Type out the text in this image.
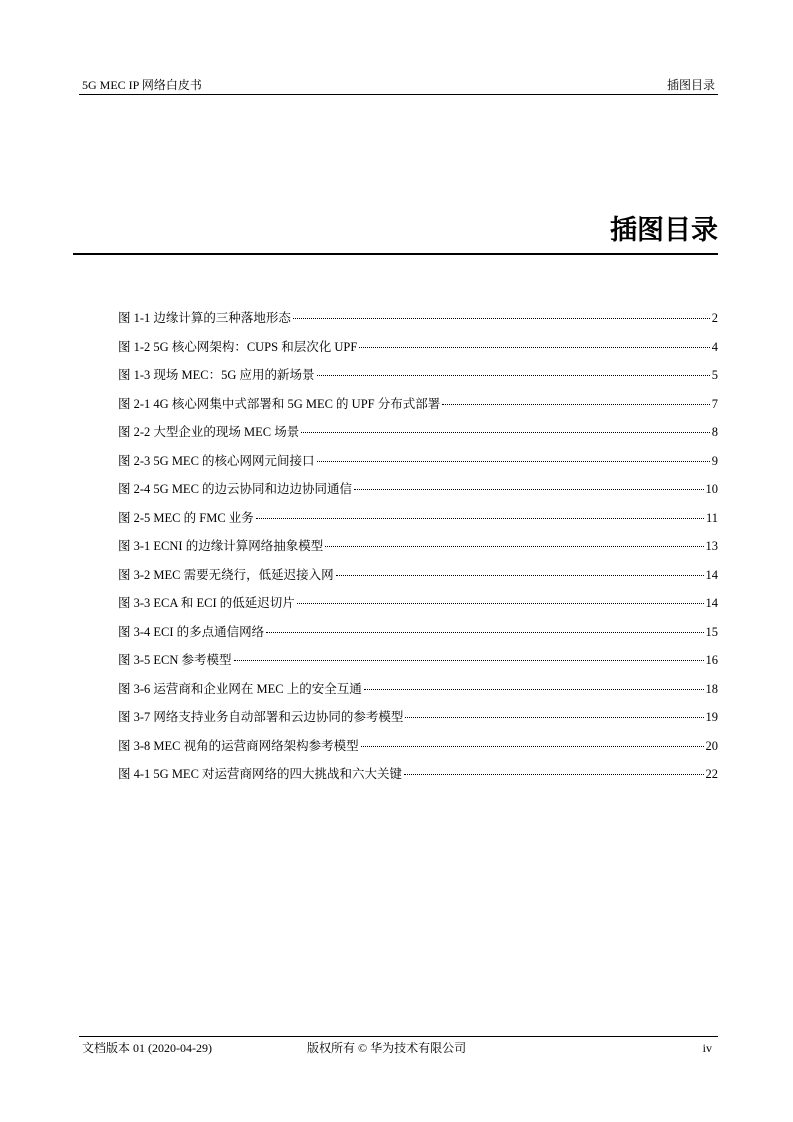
5G MEC IP 网络白皮书	插图目录
插图目录
图 1-1 边缘计算的三种落地形态	2
图 1-2 5G 核心网架构：CUPS 和层次化 UPF	4
图 1-3 现场 MEC：5G 应用的新场景	5
图 2-1 4G 核心网集中式部署和 5G MEC 的 UPF 分布式部署	7
图 2-2 大型企业的现场 MEC 场景	8
图 2-3 5G MEC 的核心网网元间接口	9
图 2-4 5G MEC 的边云协同和边边协同通信	10
图 2-5 MEC 的 FMC 业务	11
图 3-1 ECNI 的边缘计算网络抽象模型	13
图 3-2 MEC 需要无绕行，低延迟接入网	14
图 3-3 ECA 和 ECI 的低延迟切片	14
图 3-4 ECI 的多点通信网络	15
图 3-5 ECN 参考模型	16
图 3-6 运营商和企业网在 MEC 上的安全互通	18
图 3-7 网络支持业务自动部署和云边协同的参考模型	19
图 3-8 MEC 视角的运营商网络架构参考模型	20
图 4-1 5G MEC 对运营商网络的四大挑战和六大关键	22
文档版本 01 (2020-04-29)	版权所有 © 华为技术有限公司	iv
